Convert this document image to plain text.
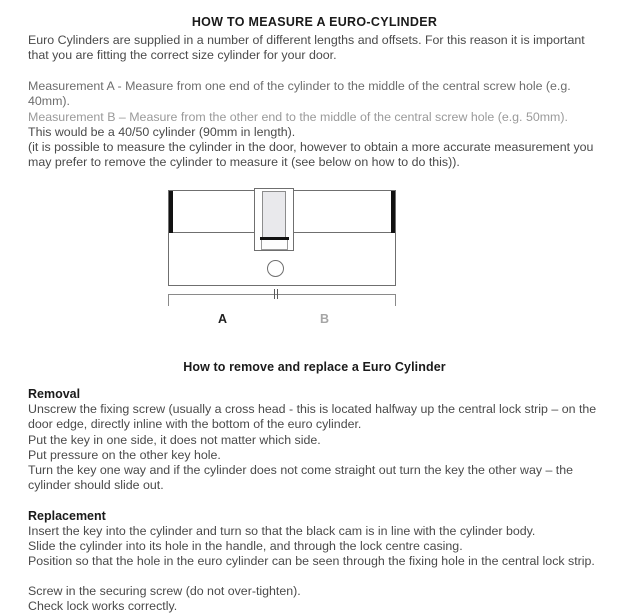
HOW TO MEASURE A EURO-CYLINDER

Euro Cylinders are supplied in a number of different lengths and offsets. For this reason it is important that you are fitting the correct size cylinder for your door.

Measurement A - Measure from one end of the cylinder to the middle of the central screw hole (e.g. 40mm).

Measurement B – Measure from the other end to the middle of the central screw hole (e.g. 50mm).

This would be a 40/50 cylinder (90mm in length).

(it is possible to measure the cylinder in the door, however to obtain a more accurate measurement you may prefer to remove the cylinder to measure it (see below on how to do this)).

A	B
How to remove and replace a Euro Cylinder
Removal

Unscrew the fixing screw (usually a cross head - this is located halfway up the central lock strip – on the door edge, directly inline with the bottom of the euro cylinder.

Put the key in one side, it does not matter which side.

Put pressure on the other key hole.

Turn the key one way and if the cylinder does not come straight out turn the key the other way – the cylinder should slide out.

Replacement

Insert the key into the cylinder and turn so that the black cam is in line with the cylinder body.

Slide the cylinder into its hole in the handle, and through the lock centre casing.

Position so that the hole in the euro cylinder can be seen through the fixing hole in the central lock strip.

Screw in the securing screw (do not over-tighten).

Check lock works correctly.
